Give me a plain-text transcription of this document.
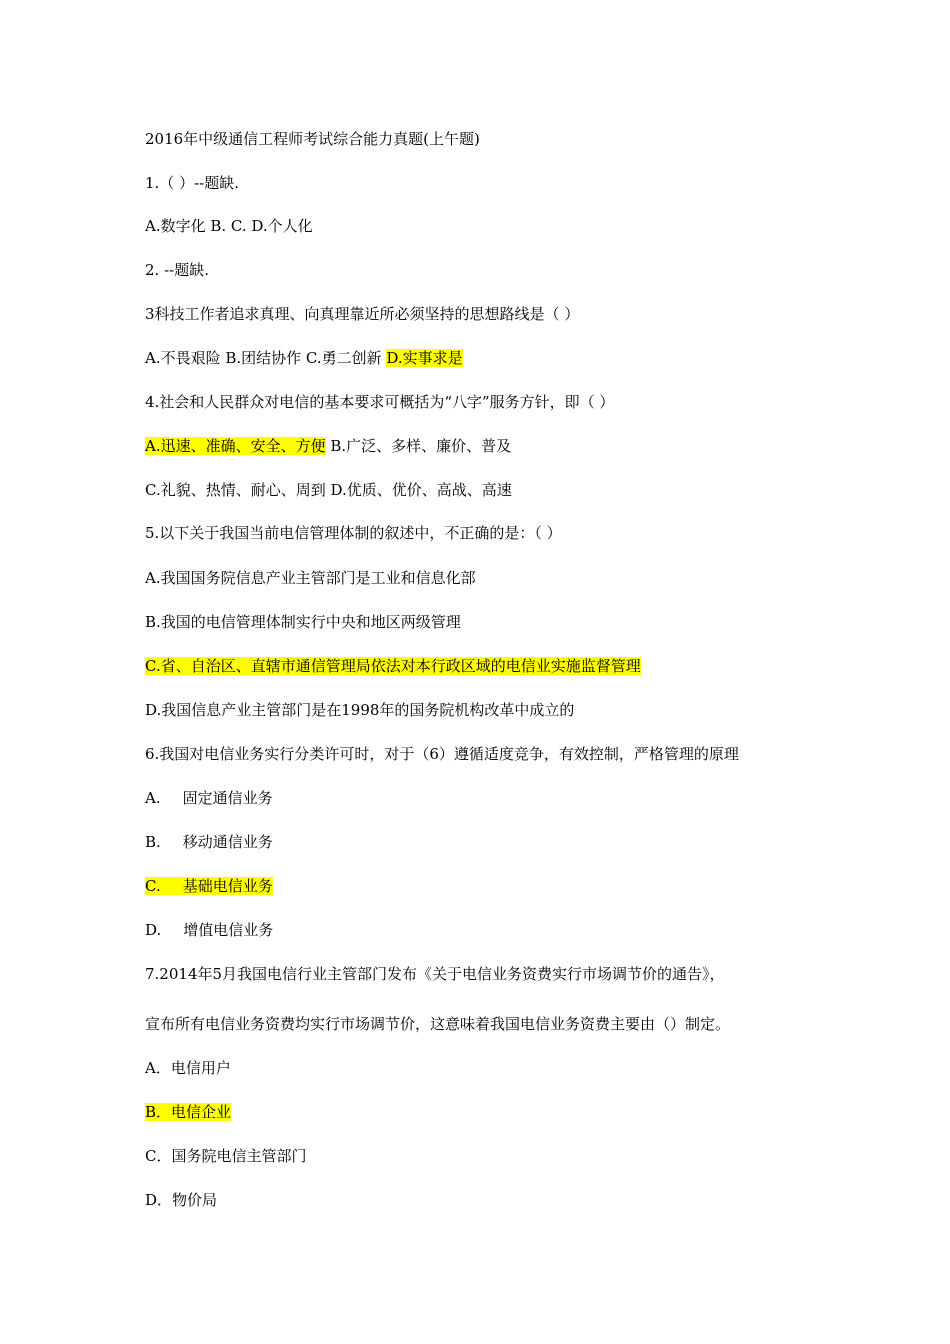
2016年中级通信工程师考试综合能力真题(上午题)
1.（ ）--题缺.
A.数字化 B. C. D.个人化
2. --题缺.
3科技工作者追求真理、向真理靠近所必须坚持的思想路线是（ ）
A.不畏艰险 B.团结协作 C.勇二创新 D.实事求是
4.社会和人民群众对电信的基本要求可概括为“八字”服务方针，即（ ）
A.迅速、准确、安全、方便 B.广泛、多样、廉价、普及
C.礼貌、热情、耐心、周到 D.优质、优价、高战、高速
5.以下关于我国当前电信管理体制的叙述中，不正确的是：（ ）
A.我国国务院信息产业主管部门是工业和信息化部
B.我国的电信管理体制实行中央和地区两级管理
C.省、自治区、直辖市通信管理局依法对本行政区域的电信业实施监督管理
D.我国信息产业主管部门是在1998年的国务院机构改革中成立的
6.我国对电信业务实行分类许可时，对于（6）遵循适度竞争，有效控制，严格管理的原理
A. 固定通信业务
B. 移动通信业务
C. 基础电信业务
D. 增值电信业务
7.2014年5月我国电信行业主管部门发布《关于电信业务资费实行市场调节价的通告》，
宣布所有电信业务资费均实行市场调节价，这意味着我国电信业务资费主要由（）制定。
A．电信用户
B．电信企业
C．国务院电信主管部门
D．物价局
